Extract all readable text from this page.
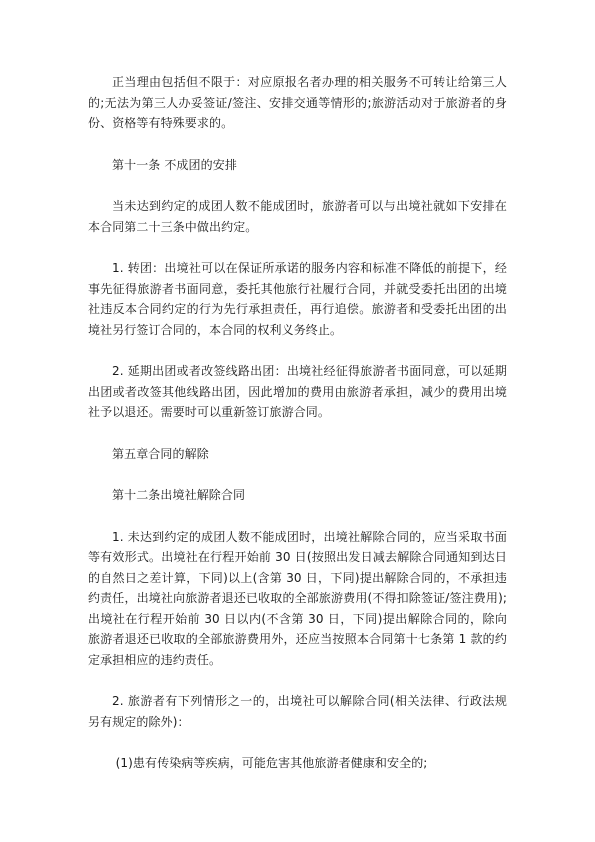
正当理由包括但不限于：对应原报名者办理的相关服务不可转让给第三人的;无法为第三人办妥签证/签注、安排交通等情形的;旅游活动对于旅游者的身份、资格等有特殊要求的。

第十一条 不成团的安排

当未达到约定的成团人数不能成团时，旅游者可以与出境社就如下安排在本合同第二十三条中做出约定。

1. 转团：出境社可以在保证所承诺的服务内容和标准不降低的前提下，经事先征得旅游者书面同意，委托其他旅行社履行合同，并就受委托出团的出境社违反本合同约定的行为先行承担责任，再行追偿。旅游者和受委托出团的出境社另行签订合同的，本合同的权利义务终止。

2. 延期出团或者改签线路出团：出境社经征得旅游者书面同意，可以延期出团或者改签其他线路出团，因此增加的费用由旅游者承担，减少的费用出境社予以退还。需要时可以重新签订旅游合同。

第五章合同的解除

第十二条出境社解除合同

1. 未达到约定的成团人数不能成团时，出境社解除合同的，应当采取书面等有效形式。出境社在行程开始前 30 日(按照出发日减去解除合同通知到达日的自然日之差计算，下同)以上(含第 30 日，下同)提出解除合同的，不承担违约责任，出境社向旅游者退还已收取的全部旅游费用(不得扣除签证/签注费用);出境社在行程开始前 30 日以内(不含第 30 日，下同)提出解除合同的，除向旅游者退还已收取的全部旅游费用外，还应当按照本合同第十七条第 1 款的约定承担相应的违约责任。

2. 旅游者有下列情形之一的，出境社可以解除合同(相关法律、行政法规另有规定的除外)：

(1)患有传染病等疾病，可能危害其他旅游者健康和安全的;
